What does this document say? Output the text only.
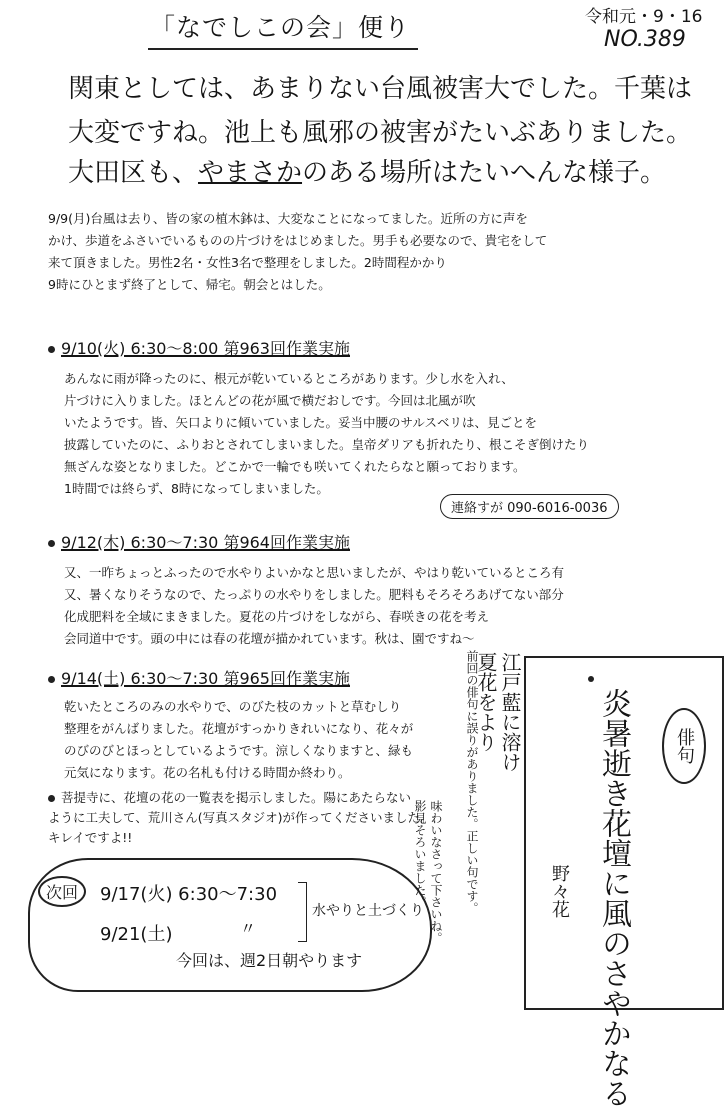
「なでしこの会」便り	令和元・9・16
NO.389
関東としては、あまりない台風被害大でした。千葉は
大変ですね。池上も風邪の被害がたいぶありました。
大田区も、やまさかのある場所はたいへんな様子。
9/9(月)台風は去り、皆の家の植木鉢は、大変なことになってました。近所の方に声を
かけ、歩道をふさいでいるものの片づけをはじめました。男手も必要なので、貴宅をして
来て頂きました。男性2名・女性3名で整理をしました。2時間程かかり
9時にひとまず終了として、帰宅。朝会とはした。
9/10(火) 6:30～8:00 第963回作業実施
あんなに雨が降ったのに、根元が乾いているところがあります。少し水を入れ、
片づけに入りました。ほとんどの花が風で横だおしです。今回は北風が吹
いたようです。皆、矢口よりに傾いていました。妥当中腰のサルスベリは、見ごとを
披露していたのに、ふりおとされてしまいました。皇帝ダリアも折れたり、根こそぎ倒けたり
無ざんな姿となりました。どこかで一輪でも咲いてくれたらなと願っております。
1時間では終らず、8時になってしまいました。
連絡すが 090-6016-0036
9/12(木) 6:30～7:30 第964回作業実施
又、一昨ちょっとふったので水やりよいかなと思いましたが、やはり乾いているところ有
又、暑くなりそうなので、たっぷりの水やりをしました。肥料もそろそろあげてない部分
化成肥料を全域にまきました。夏花の片づけをしながら、春咲きの花を考え
会同道中です。頭の中には春の花壇が描かれています。秋は、園ですね～
9/14(土) 6:30～7:30 第965回作業実施
乾いたところのみの水やりで、のびた枝のカットと草むしり
整理をがんばりました。花壇がすっかりきれいになり、花々が
のびのびとほっとしているようです。涼しくなりますと、緑も
元気になります。花の名札も付ける時間か終わり。
菩提寺に、花壇の花の一覧表を掲示しました。陽にあたらない
ように工夫して、荒川さん(写真スタジオ)が作ってくださいました。
キレイですよ!!
次回	9/17(火) 6:30～7:30
9/21(土)	〃
水やりと土づくり
今回は、週2日朝やります
前回の俳句に誤りがありました。正しい句です。
夏花をより 江戸藍に溶け
影見そろいました。 味わいなさって下さいね。
俳句
炎暑逝き花壇に風のさやかなる
野々花
